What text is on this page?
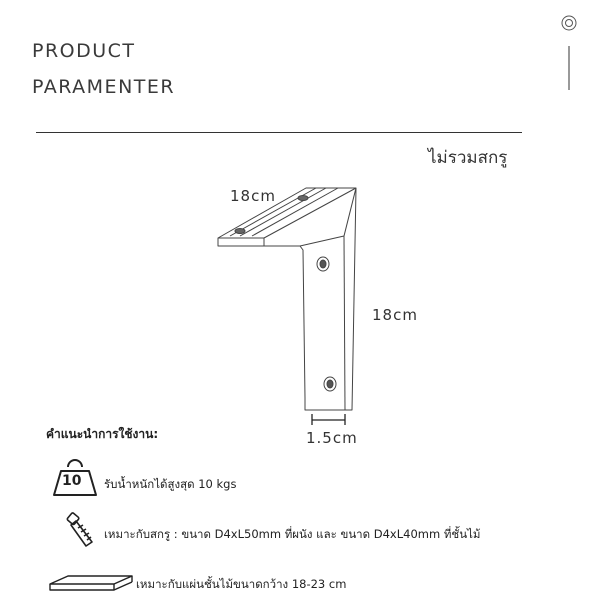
PRODUCT
PARAMENTER
ไม่รวมสกรู
18cm
18cm
1.5cm
คำแนะนำการใช้งาน:
10 รับน้ำหนักได้สูงสุด 10 kgs
เหมาะกับสกรู : ขนาด D4xL50mm ที่ผนัง และ ขนาด D4xL40mm ที่ชั้นไม้
เหมาะกับแผ่นชั้นไม้ขนาดกว้าง 18-23 cm
